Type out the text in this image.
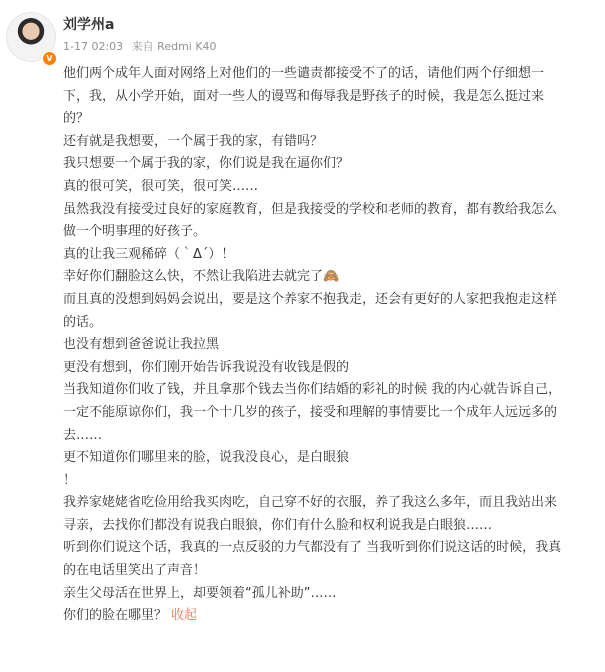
V
刘学州a
1-17 02:03 来自 Redmi K40
他们两个成年人面对网络上对他们的一些谴责都接受不了的话，请他们两个仔细想一
下，我，从小学开始，面对一些人的谩骂和侮辱我是野孩子的时候，我是怎么挺过来
的？
还有就是我想要，一个属于我的家，有错吗？
我只想要一个属于我的家，你们说是我在逼你们？
真的很可笑，很可笑，很可笑……
虽然我没有接受过良好的家庭教育，但是我接受的学校和老师的教育，都有教给我怎么
做一个明事理的好孩子。
真的让我三观稀碎（｀Δ´）！
幸好你们翻脸这么快，不然让我陷进去就完了🙈
而且真的没想到妈妈会说出，要是这个养家不抱我走，还会有更好的人家把我抱走这样
的话。
也没有想到爸爸说让我拉黑
更没有想到，你们刚开始告诉我说没有收钱是假的
当我知道你们收了钱，并且拿那个钱去当你们结婚的彩礼的时候 我的内心就告诉自己，
一定不能原谅你们，我一个十几岁的孩子，接受和理解的事情要比一个成年人远远多的
去……
更不知道你们哪里来的脸，说我没良心，是白眼狼
！
我养家姥姥省吃俭用给我买肉吃，自己穿不好的衣服，养了我这么多年，而且我站出来
寻亲，去找你们都没有说我白眼狼，你们有什么脸和权利说我是白眼狼……
听到你们说这个话，我真的一点反驳的力气都没有了 当我听到你们说这话的时候，我真
的在电话里笑出了声音！
亲生父母活在世界上，却要领着“孤儿补助”……
你们的脸在哪里？ 收起
